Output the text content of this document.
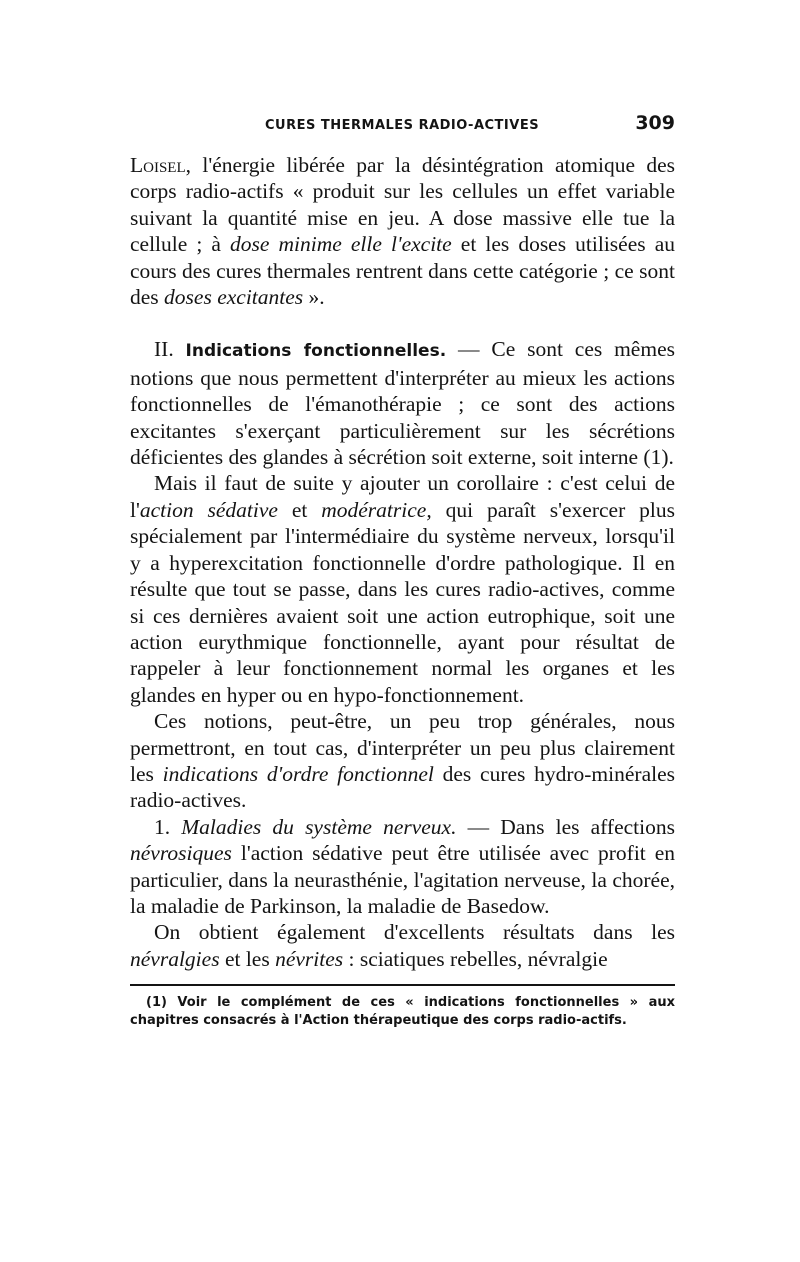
CURES THERMALES RADIO-ACTIVES	309

Loisel, l'énergie libérée par la désintégration atomique des corps radio-actifs « produit sur les cellules un effet variable suivant la quantité mise en jeu. A dose massive elle tue la cellule ; à dose minime elle l'excite et les doses utilisées au cours des cures thermales rentrent dans cette catégorie ; ce sont des doses excitantes ».

II. Indications fonctionnelles. — Ce sont ces mêmes notions que nous permettent d'interpréter au mieux les actions fonctionnelles de l'émanothérapie ; ce sont des actions excitantes s'exerçant particulièrement sur les sécrétions déficientes des glandes à sécrétion soit externe, soit interne (1).

Mais il faut de suite y ajouter un corollaire : c'est celui de l'action sédative et modératrice, qui paraît s'exercer plus spécialement par l'intermédiaire du système nerveux, lorsqu'il y a hyperexcitation fonctionnelle d'ordre pathologique. Il en résulte que tout se passe, dans les cures radio-actives, comme si ces dernières avaient soit une action eutrophique, soit une action eurythmique fonctionnelle, ayant pour résultat de rappeler à leur fonctionnement normal les organes et les glandes en hyper ou en hypo-fonctionnement.

Ces notions, peut-être, un peu trop générales, nous permettront, en tout cas, d'interpréter un peu plus clairement les indications d'ordre fonctionnel des cures hydro-minérales radio-actives.

1. Maladies du système nerveux. — Dans les affections névrosiques l'action sédative peut être utilisée avec profit en particulier, dans la neurasthénie, l'agitation nerveuse, la chorée, la maladie de Parkinson, la maladie de Basedow.

On obtient également d'excellents résultats dans les névralgies et les névrites : sciatiques rebelles, névralgie

(1) Voir le complément de ces « indications fonctionnelles » aux chapitres consacrés à l'Action thérapeutique des corps radio-actifs.
